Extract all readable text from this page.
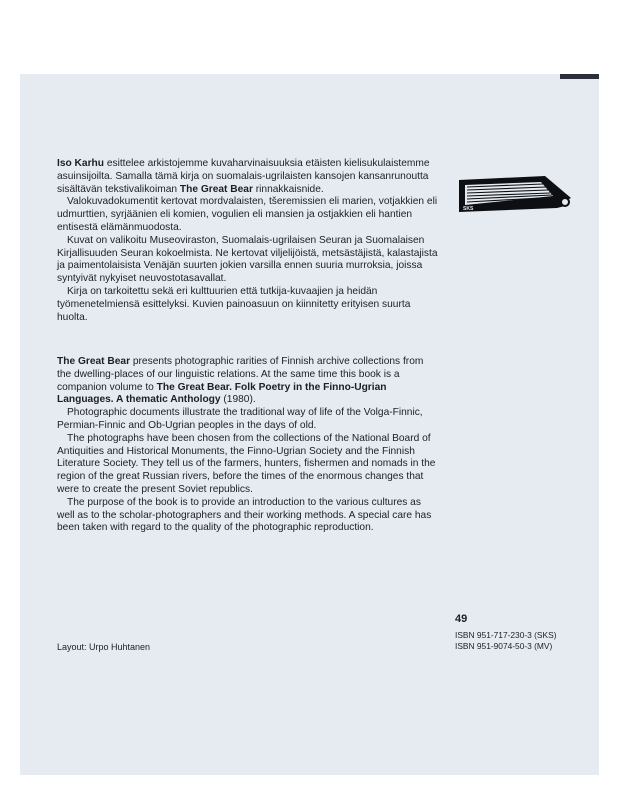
Iso Karhu esittelee arkistojemme kuvaharvinaisuuksia etäisten kielisukulaistemme asuinsijoilta. Samalla tämä kirja on suomalais-ugrilaisten kansojen kansanrunoutta sisältävän tekstivalikoiman The Great Bear rinnakkaisnide.

Valokuvadokumentit kertovat mordvalaisten, tšeremissien eli marien, votjakkien eli udmurttien, syrjäänien eli komien, vogulien eli mansien ja ostjakkien eli hantien entisestä elämänmuodosta.

Kuvat on valikoitu Museoviraston, Suomalais-ugrilaisen Seuran ja Suomalaisen Kirjallisuuden Seuran kokoelmista. Ne kertovat viljelijöistä, metsästäjistä, kalastajista ja paimentolaisista Venäjän suurten jokien varsilla ennen suuria murroksia, joissa syntyivät nykyiset neuvostotasavallat.

Kirja on tarkoitettu sekä eri kulttuurien että tutkija-kuvaajien ja heidän työmenetelmiensä esittelyksi. Kuvien painoasuun on kiinnitetty erityisen suurta huolta.

The Great Bear presents photographic rarities of Finnish archive collections from the dwelling-places of our linguistic relations. At the same time this book is a companion volume to The Great Bear. Folk Poetry in the Finno-Ugrian Languages. A thematic Anthology (1980).

Photographic documents illustrate the traditional way of life of the Volga-Finnic, Permian-Finnic and Ob-Ugrian peoples in the days of old.

The photographs have been chosen from the collections of the National Board of Antiquities and Historical Monuments, the Finno-Ugrian Society and the Finnish Literature Society. They tell us of the farmers, hunters, fishermen and nomads in the region of the great Russian rivers, before the times of the enormous changes that were to create the present Soviet republics.

The purpose of the book is to provide an introduction to the various cultures as well as to the scholar-photographers and their working methods. A special care has been taken with regard to the quality of the photographic reproduction.

SKS
49
ISBN 951-717-230-3 (SKS)
ISBN 951-9074-50-3 (MV)
Layout: Urpo Huhtanen
